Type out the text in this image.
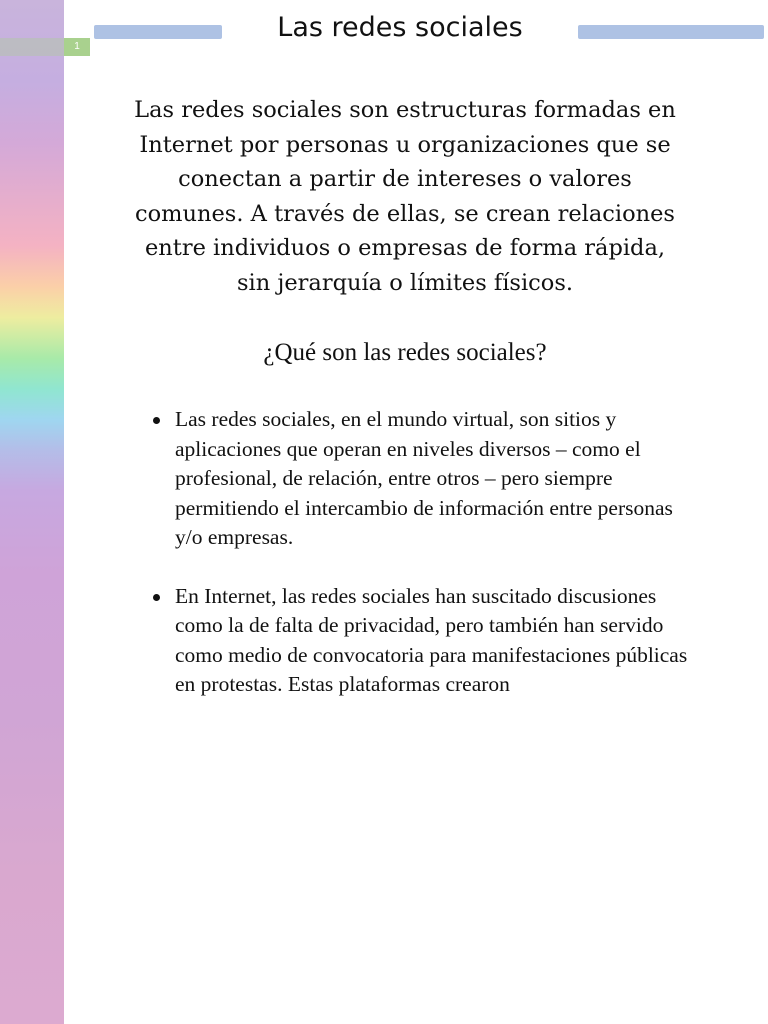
1
Las redes sociales
Las redes sociales son estructuras formadas en Internet por personas u organizaciones que se conectan a partir de intereses o valores comunes. A través de ellas, se crean relaciones entre individuos o empresas de forma rápida, sin jerarquía o límites físicos.
¿Qué son las redes sociales?
Las redes sociales, en el mundo virtual, son sitios y aplicaciones que operan en niveles diversos – como el profesional, de relación, entre otros – pero siempre permitiendo el intercambio de información entre personas y/o empresas.
En Internet, las redes sociales han suscitado discusiones como la de falta de privacidad, pero también han servido como medio de convocatoria para manifestaciones públicas en protestas. Estas plataformas crearon
